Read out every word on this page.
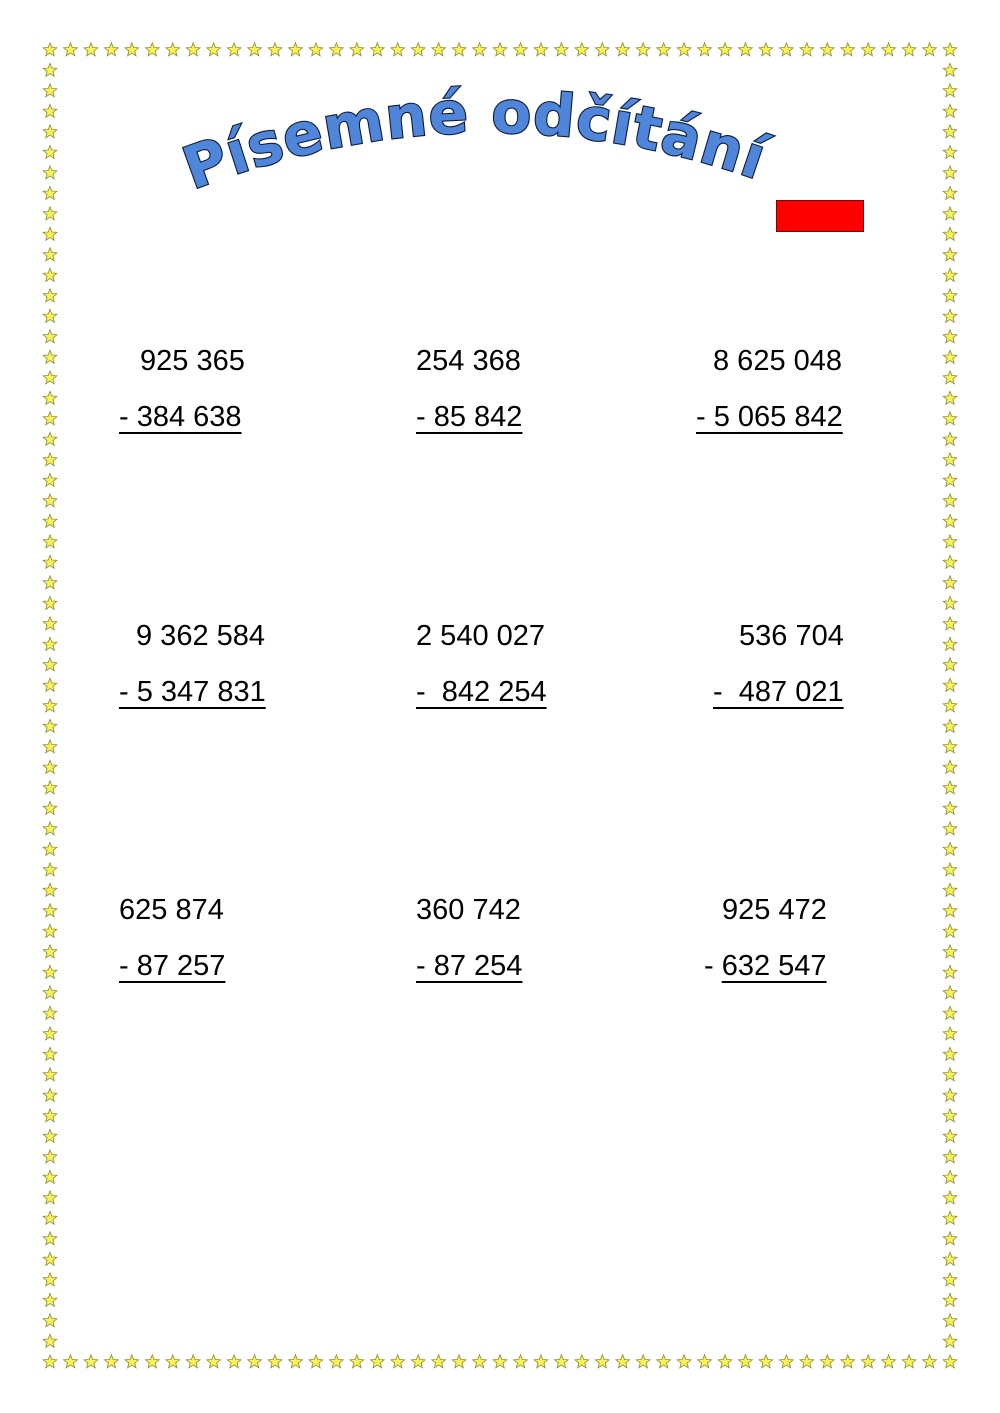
Písemné odčítání

925 365

- 384 638

254 368

- 85 842

8 625 048

- 5 065 842

9 362 584

- 5 347 831

2 540 027

-  842 254

536 704

-  487 021

625 874

- 87 257

360 742

- 87 254

925 472

- 632 547
